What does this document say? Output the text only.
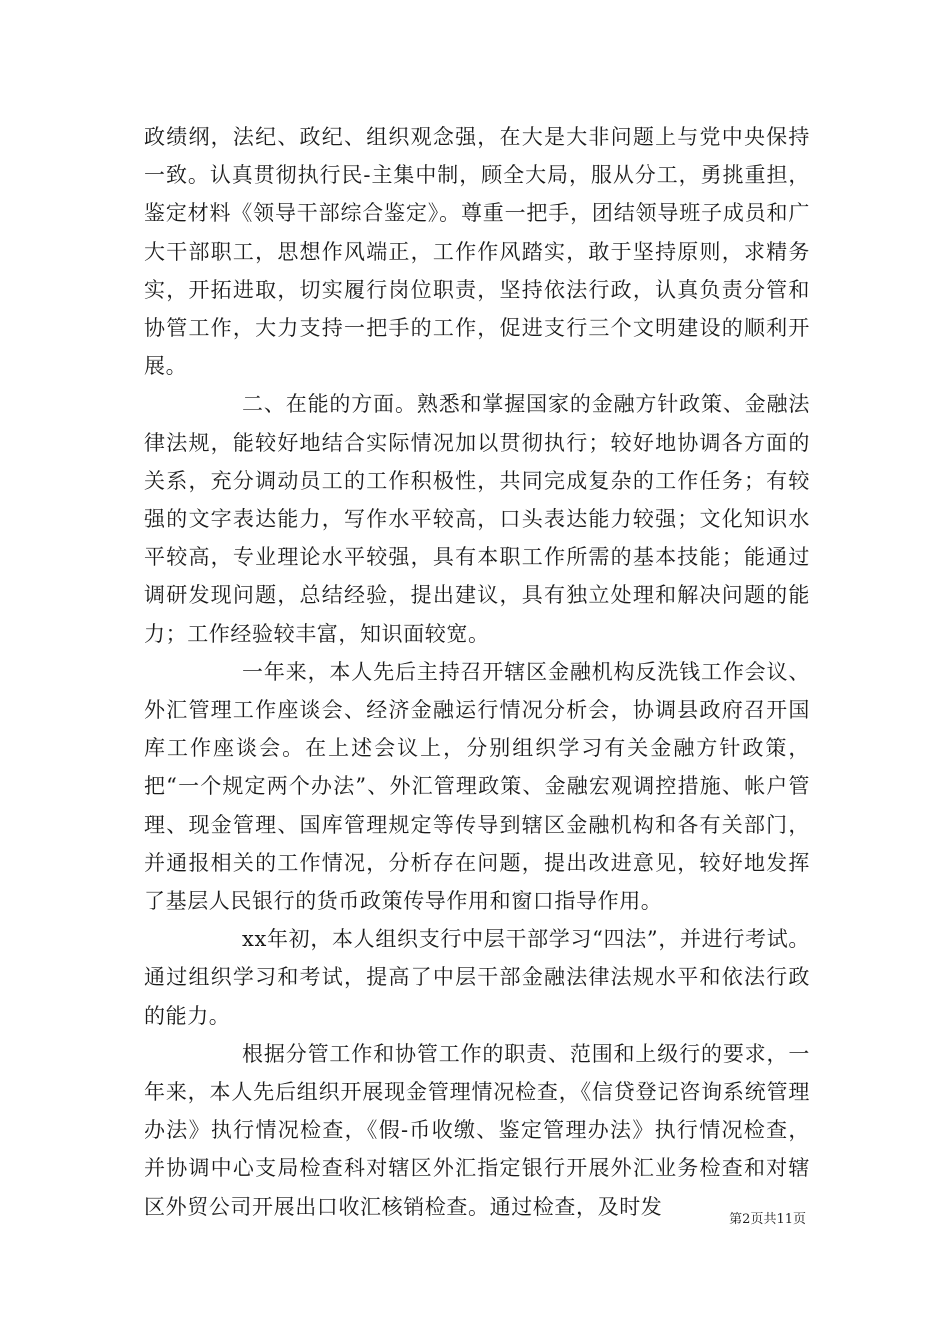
政绩纲，法纪、政纪、组织观念强，在大是大非问题上与党中央保持一致。认真贯彻执行民-主集中制，顾全大局，服从分工，勇挑重担，鉴定材料《领导干部综合鉴定》。尊重一把手，团结领导班子成员和广大干部职工，思想作风端正，工作作风踏实，敢于坚持原则，求精务实，开拓进取，切实履行岗位职责，坚持依法行政，认真负责分管和协管工作，大力支持一把手的工作，促进支行三个文明建设的顺利开展。

二、在能的方面。熟悉和掌握国家的金融方针政策、金融法律法规，能较好地结合实际情况加以贯彻执行；较好地协调各方面的关系，充分调动员工的工作积极性，共同完成复杂的工作任务；有较强的文字表达能力，写作水平较高，口头表达能力较强；文化知识水平较高，专业理论水平较强，具有本职工作所需的基本技能；能通过调研发现问题，总结经验，提出建议，具有独立处理和解决问题的能力；工作经验较丰富，知识面较宽。

一年来，本人先后主持召开辖区金融机构反洗钱工作会议、外汇管理工作座谈会、经济金融运行情况分析会，协调县政府召开国库工作座谈会。在上述会议上，分别组织学习有关金融方针政策，把“一个规定两个办法”、外汇管理政策、金融宏观调控措施、帐户管理、现金管理、国库管理规定等传导到辖区金融机构和各有关部门，并通报相关的工作情况，分析存在问题，提出改进意见，较好地发挥了基层人民银行的货币政策传导作用和窗口指导作用。

xx年初，本人组织支行中层干部学习“四法”，并进行考试。通过组织学习和考试，提高了中层干部金融法律法规水平和依法行政的能力。

根据分管工作和协管工作的职责、范围和上级行的要求，一年来，本人先后组织开展现金管理情况检查，《信贷登记咨询系统管理办法》执行情况检查，《假-币收缴、鉴定管理办法》执行情况检查，并协调中心支局检查科对辖区外汇指定银行开展外汇业务检查和对辖区外贸公司开展出口收汇核销检查。通过检查，及时发

第2页共11页
